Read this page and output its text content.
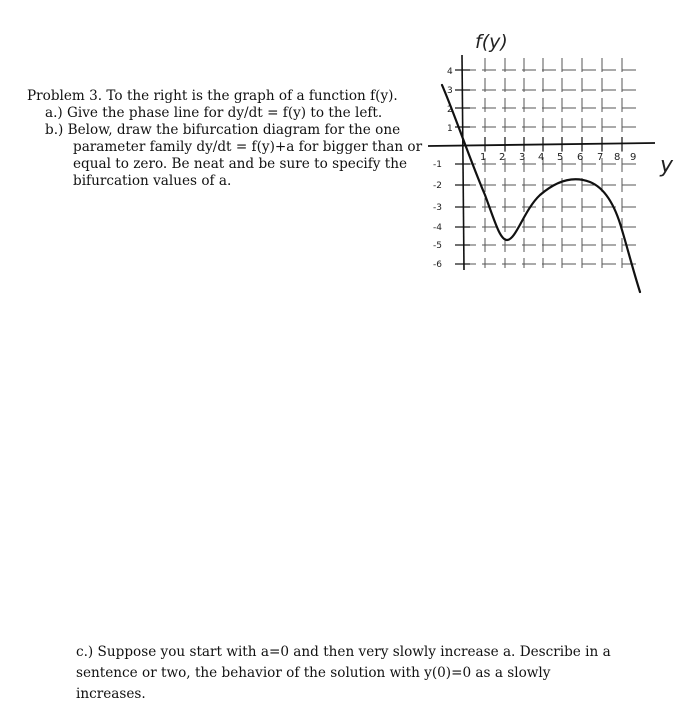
Problem 3. To the right is the graph of a function f(y).
a.) Give the phase line for dy/dt = f(y) to the left.
b.) Below, draw the bifurcation diagram for the one
parameter family dy/dt = f(y)+a for bigger than or
equal to zero. Be neat and be sure to specify the
bifurcation values of a.
f(y)
y
4
3
2
1
-1
-2
-3
-4
-5
-6
1 2 3 4 5 6 7 8 9
c.) Suppose you start with a=0 and then very slowly increase a. Describe in a
sentence or two, the behavior of the solution with y(0)=0 as a slowly
increases.
